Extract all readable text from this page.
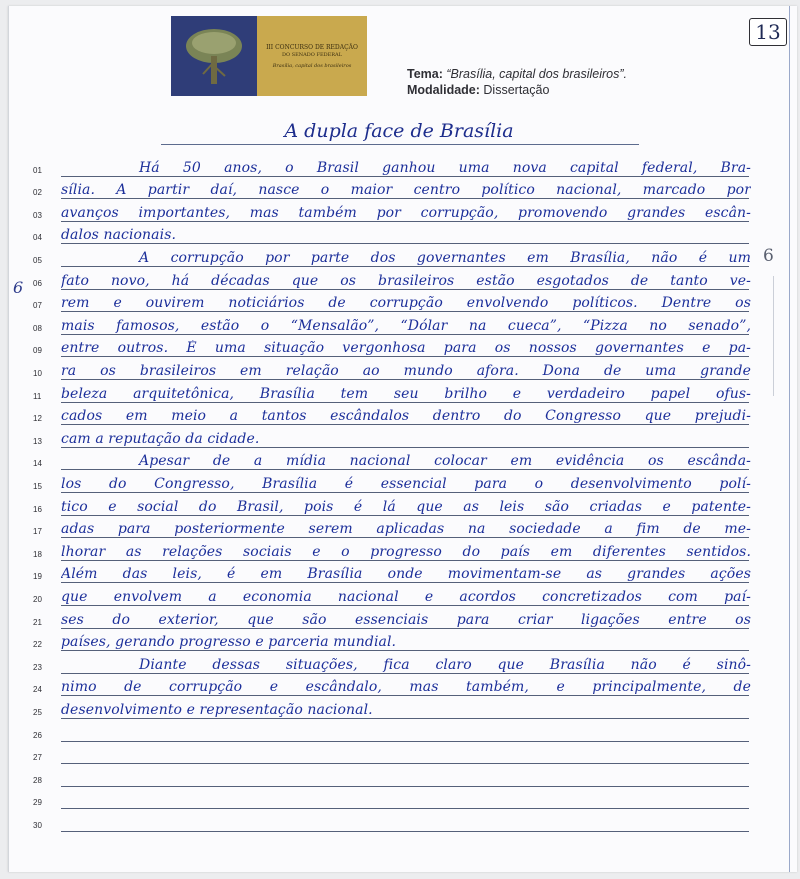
13
III CONCURSO DE REDAÇÃO
DO SENADO FEDERAL
Brasília, capital dos brasileiros
Tema: “Brasília, capital dos brasileiros”.
Modalidade: Dissertação
A dupla face de Brasília
6
6
01	Há 50 anos, o Brasil ganhou uma nova capital federal, Bra-
02	sília. A partir daí, nasce o maior centro político nacional, marcado por
03	avanços importantes, mas também por corrupção, promovendo grandes escân-
04	dalos nacionais.
05	A corrupção por parte dos governantes em Brasília, não é um
06	fato novo, há décadas que os brasileiros estão esgotados de tanto ve-
07	rem e ouvirem noticiários de corrupção envolvendo políticos. Dentre os
08	mais famosos, estão o “Mensalão”, “Dólar na cueca”, “Pizza no senado”,
09	entre outros. É uma situação vergonhosa para os nossos governantes e pa-
10	ra os brasileiros em relação ao mundo afora. Dona de uma grande
11	beleza arquitetônica, Brasília tem seu brilho e verdadeiro papel ofus-
12	cados em meio a tantos escândalos dentro do Congresso que prejudi-
13	cam a reputação da cidade.
14	Apesar de a mídia nacional colocar em evidência os escânda-
15	los do Congresso, Brasília é essencial para o desenvolvimento polí-
16	tico e social do Brasil, pois é lá que as leis são criadas e patente-
17	adas para posteriormente serem aplicadas na sociedade a fim de me-
18	lhorar as relações sociais e o progresso do país em diferentes sentidos.
19	Além das leis, é em Brasília onde movimentam-se as grandes ações
20	que envolvem a economia nacional e acordos concretizados com paí-
21	ses do exterior, que são essenciais para criar ligações entre os
22	países, gerando progresso e parceria mundial.
23	Diante dessas situações, fica claro que Brasília não é sinô-
24	nimo de corrupção e escândalo, mas também, e principalmente, de
25	desenvolvimento e representação nacional.
26
27
28
29
30
